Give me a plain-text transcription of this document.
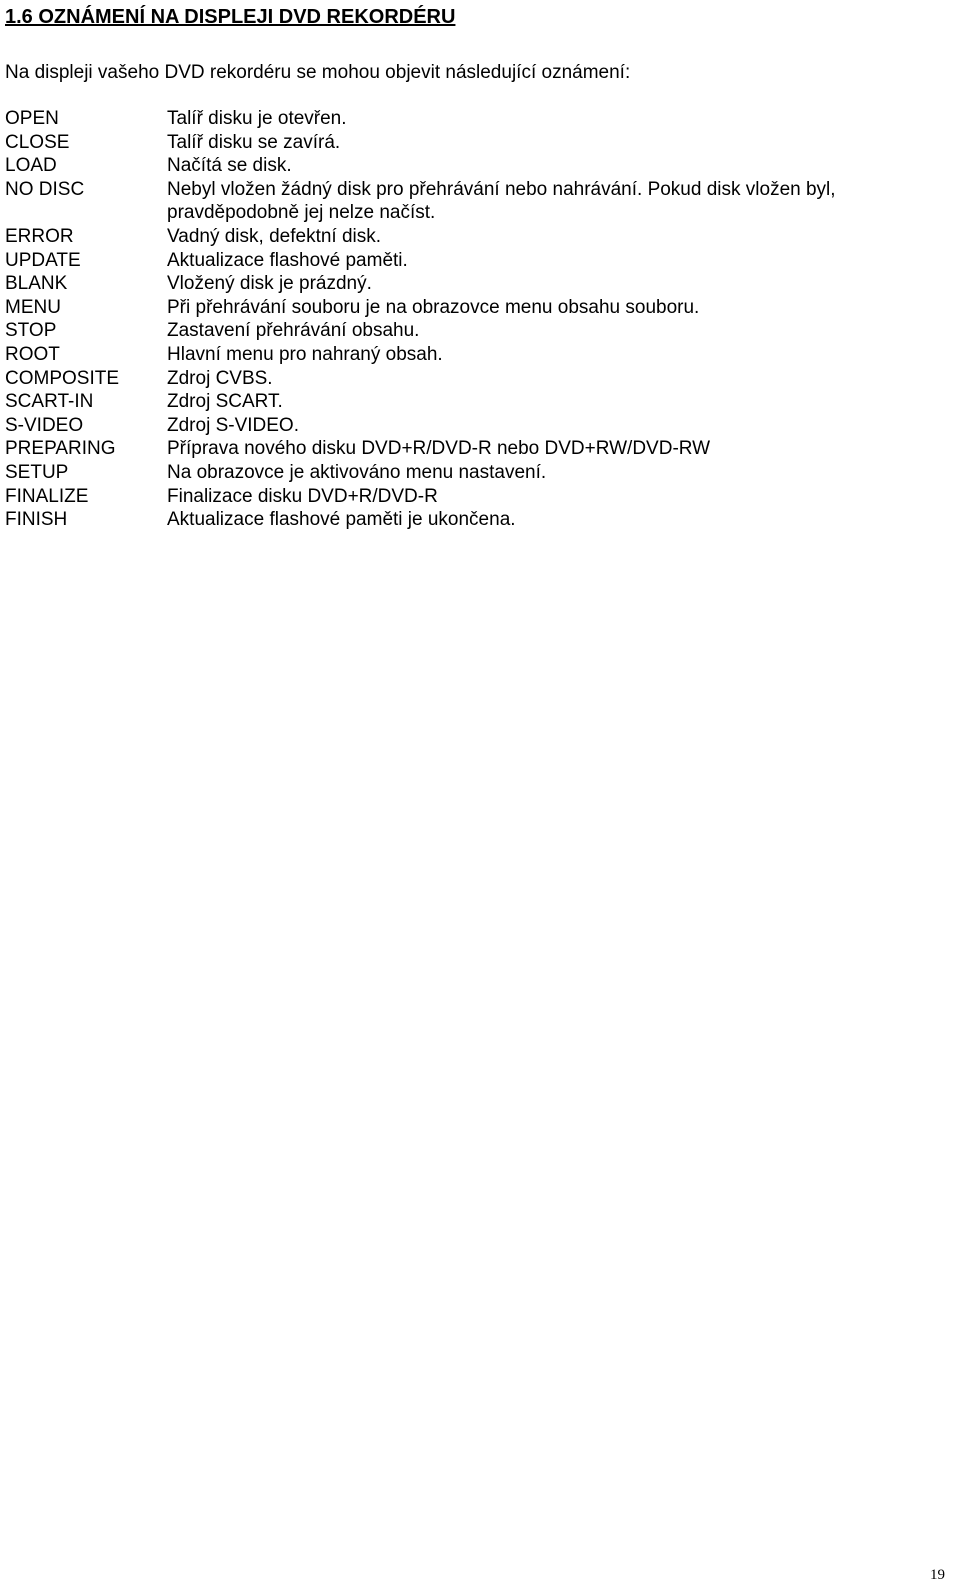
1.6 OZNÁMENÍ NA DISPLEJI DVD REKORDÉRU
Na displeji vašeho DVD rekordéru se mohou objevit následující oznámení:
OPEN	Talíř disku je otevřen.
CLOSE	Talíř disku se zavírá.
LOAD	Načítá se disk.
NO DISC	Nebyl vložen žádný disk pro přehrávání nebo nahrávání. Pokud disk vložen byl, pravděpodobně jej nelze načíst.
ERROR	Vadný disk, defektní disk.
UPDATE	Aktualizace flashové paměti.
BLANK	Vložený disk je prázdný.
MENU	Při přehrávání souboru je na obrazovce menu obsahu souboru.
STOP	Zastavení přehrávání obsahu.
ROOT	Hlavní menu pro nahraný obsah.
COMPOSITE	Zdroj CVBS.
SCART-IN	Zdroj SCART.
S-VIDEO	Zdroj S-VIDEO.
PREPARING	Příprava nového disku DVD+R/DVD-R nebo DVD+RW/DVD-RW
SETUP	Na obrazovce je aktivováno menu nastavení.
FINALIZE	Finalizace disku DVD+R/DVD-R
FINISH	Aktualizace flashové paměti je ukončena.
19
